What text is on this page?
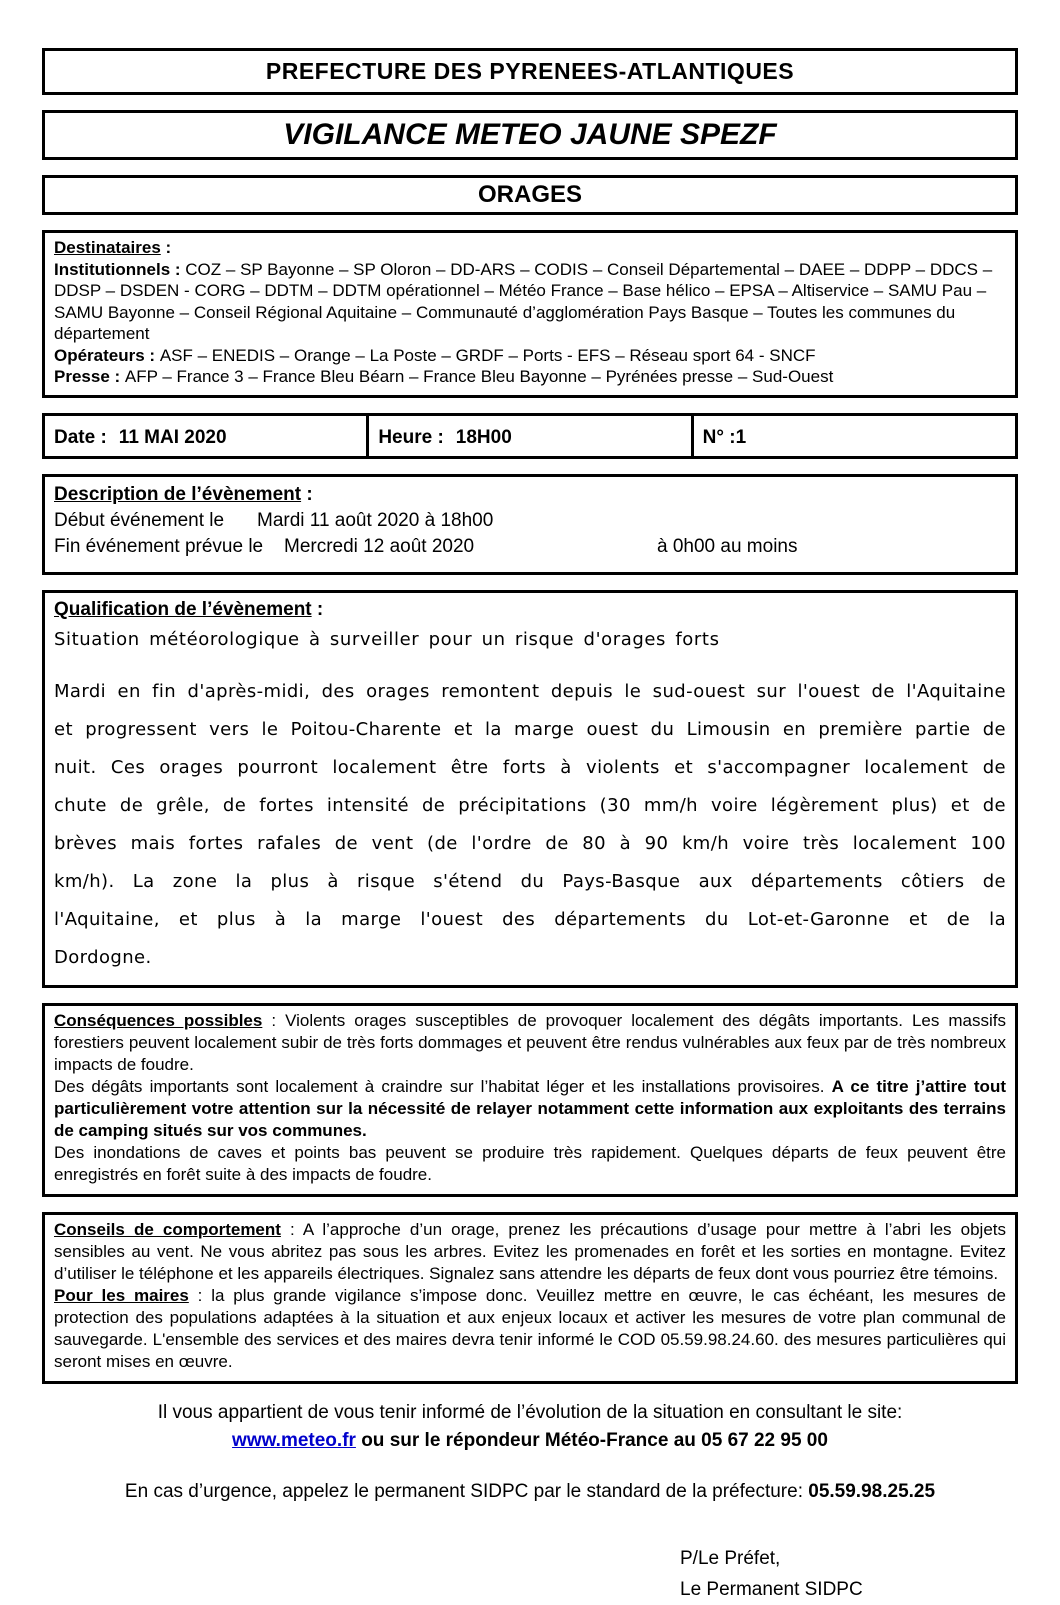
PREFECTURE DES PYRENEES-ATLANTIQUES
VIGILANCE METEO JAUNE SPEZF
ORAGES
Destinataires :
Institutionnels : COZ – SP Bayonne – SP Oloron – DD-ARS – CODIS – Conseil Départemental – DAEE – DDPP – DDCS – DDSP – DSDEN - CORG – DDTM – DDTM opérationnel – Météo France – Base hélico – EPSA – Altiservice – SAMU Pau – SAMU Bayonne – Conseil Régional Aquitaine – Communauté d’agglomération Pays Basque – Toutes les communes du département
Opérateurs : ASF – ENEDIS – Orange – La Poste – GRDF – Ports - EFS – Réseau sport 64 - SNCF
Presse : AFP – France 3 – France Bleu Béarn – France Bleu Bayonne – Pyrénées presse – Sud-Ouest
Date : 11 MAI 2020	Heure : 18H00	N° :1
Description de l’évènement :
Début événement le Mardi 11 août 2020 à 18h00
Fin événement prévue le Mercredi 12 août 2020	à 0h00 au moins
Qualification de l’évènement :
Situation météorologique à surveiller pour un risque d'orages forts
Mardi en fin d'après-midi, des orages remontent depuis le sud-ouest sur l'ouest de l'Aquitaine et progressent vers le Poitou-Charente et la marge ouest du Limousin en première partie de nuit. Ces orages pourront localement être forts à violents et s'accompagner localement de chute de grêle, de fortes intensité de précipitations (30 mm/h voire légèrement plus) et de brèves mais fortes rafales de vent (de l'ordre de 80 à 90 km/h voire très localement 100 km/h). La zone la plus à risque s'étend du Pays-Basque aux départements côtiers de l'Aquitaine, et plus à la marge l'ouest des départements du Lot-et-Garonne et de la Dordogne.
Conséquences possibles : Violents orages susceptibles de provoquer localement des dégâts importants. Les massifs forestiers peuvent localement subir de très forts dommages et peuvent être rendus vulnérables aux feux par de très nombreux impacts de foudre.
Des dégâts importants sont localement à craindre sur l’habitat léger et les installations provisoires. A ce titre j’attire tout particulièrement votre attention sur la nécessité de relayer notamment cette information aux exploitants des terrains de camping situés sur vos communes.
Des inondations de caves et points bas peuvent se produire très rapidement. Quelques départs de feux peuvent être enregistrés en forêt suite à des impacts de foudre.
Conseils de comportement : A l’approche d’un orage, prenez les précautions d’usage pour mettre à l’abri les objets sensibles au vent. Ne vous abritez pas sous les arbres. Evitez les promenades en forêt et les sorties en montagne. Evitez d’utiliser le téléphone et les appareils électriques. Signalez sans attendre les départs de feux dont vous pourriez être témoins.
Pour les maires : la plus grande vigilance s’impose donc. Veuillez mettre en œuvre, le cas échéant, les mesures de protection des populations adaptées à la situation et aux enjeux locaux et activer les mesures de votre plan communal de sauvegarde. L'ensemble des services et des maires devra tenir informé le COD 05.59.98.24.60. des mesures particulières qui seront mises en œuvre.
Il vous appartient de vous tenir informé de l’évolution de la situation en consultant le site:
www.meteo.fr ou sur le répondeur Météo-France au 05 67 22 95 00
En cas d’urgence, appelez le permanent SIDPC par le standard de la préfecture: 05.59.98.25.25
P/Le Préfet,
Le Permanent SIDPC
